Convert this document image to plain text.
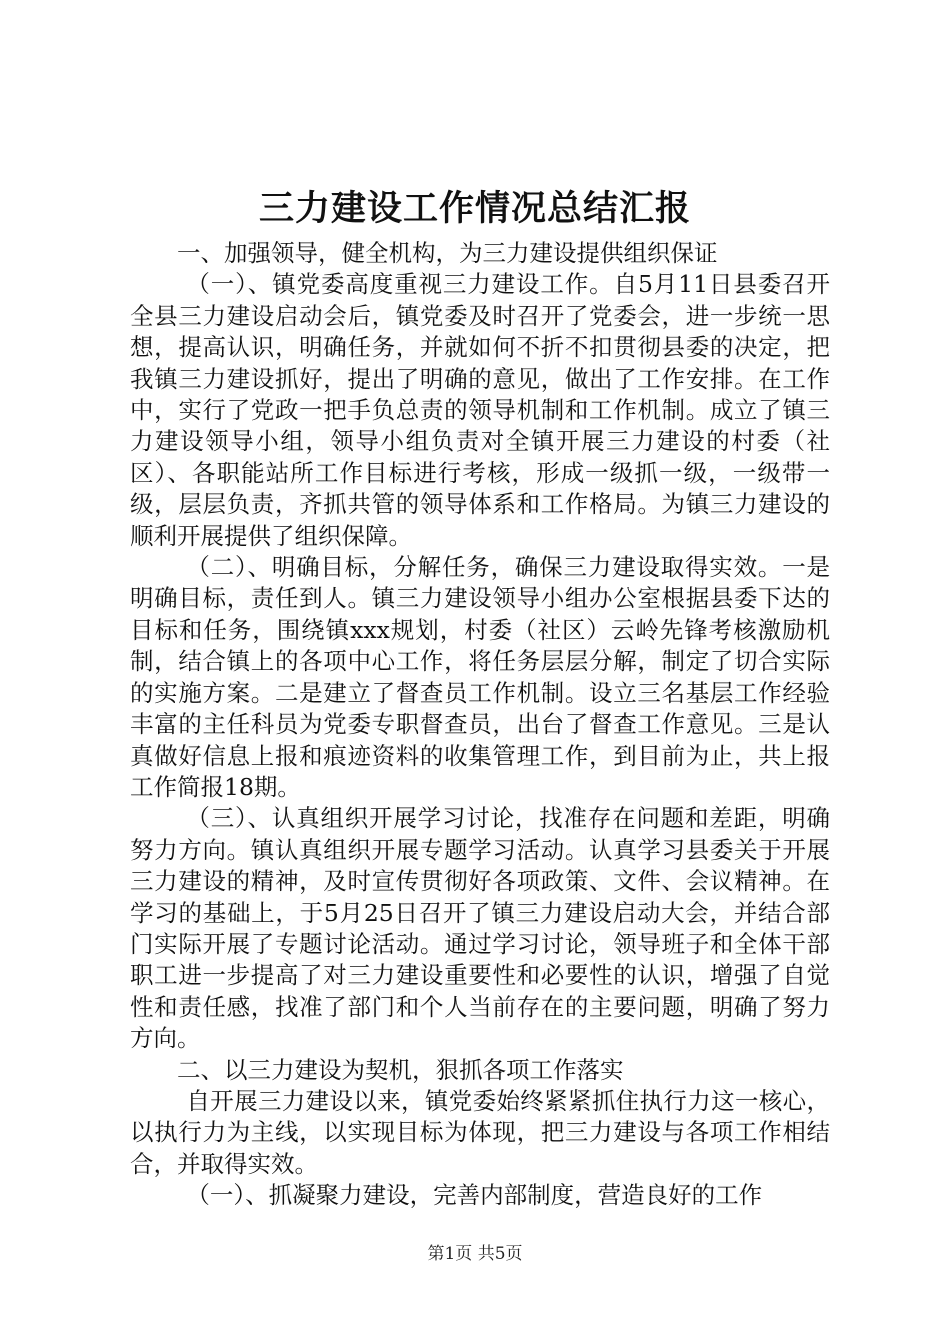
三力建设工作情况总结汇报

一、加强领导，健全机构，为三力建设提供组织保证

（一）、镇党委高度重视三力建设工作。自5月11日县委召开全县三力建设启动会后，镇党委及时召开了党委会，进一步统一思想，提高认识，明确任务，并就如何不折不扣贯彻县委的决定，把我镇三力建设抓好，提出了明确的意见，做出了工作安排。在工作中，实行了党政一把手负总责的领导机制和工作机制。成立了镇三力建设领导小组，领导小组负责对全镇开展三力建设的村委（社区）、各职能站所工作目标进行考核，形成一级抓一级，一级带一级，层层负责，齐抓共管的领导体系和工作格局。为镇三力建设的顺利开展提供了组织保障。

（二）、明确目标，分解任务，确保三力建设取得实效。一是明确目标，责任到人。镇三力建设领导小组办公室根据县委下达的目标和任务，围绕镇xxx规划，村委（社区）云岭先锋考核激励机制，结合镇上的各项中心工作，将任务层层分解，制定了切合实际的实施方案。二是建立了督查员工作机制。设立三名基层工作经验丰富的主任科员为党委专职督查员，出台了督查工作意见。三是认真做好信息上报和痕迹资料的收集管理工作，到目前为止，共上报工作简报18期。

（三）、认真组织开展学习讨论，找准存在问题和差距，明确努力方向。镇认真组织开展专题学习活动。认真学习县委关于开展三力建设的精神，及时宣传贯彻好各项政策、文件、会议精神。在学习的基础上，于5月25日召开了镇三力建设启动大会，并结合部门实际开展了专题讨论活动。通过学习讨论，领导班子和全体干部职工进一步提高了对三力建设重要性和必要性的认识，增强了自觉性和责任感，找准了部门和个人当前存在的主要问题，明确了努力方向。

二、以三力建设为契机，狠抓各项工作落实

自开展三力建设以来，镇党委始终紧紧抓住执行力这一核心，以执行力为主线，以实现目标为体现，把三力建设与各项工作相结合，并取得实效。

（一）、抓凝聚力建设，完善内部制度，营造良好的工作

第1页 共5页
